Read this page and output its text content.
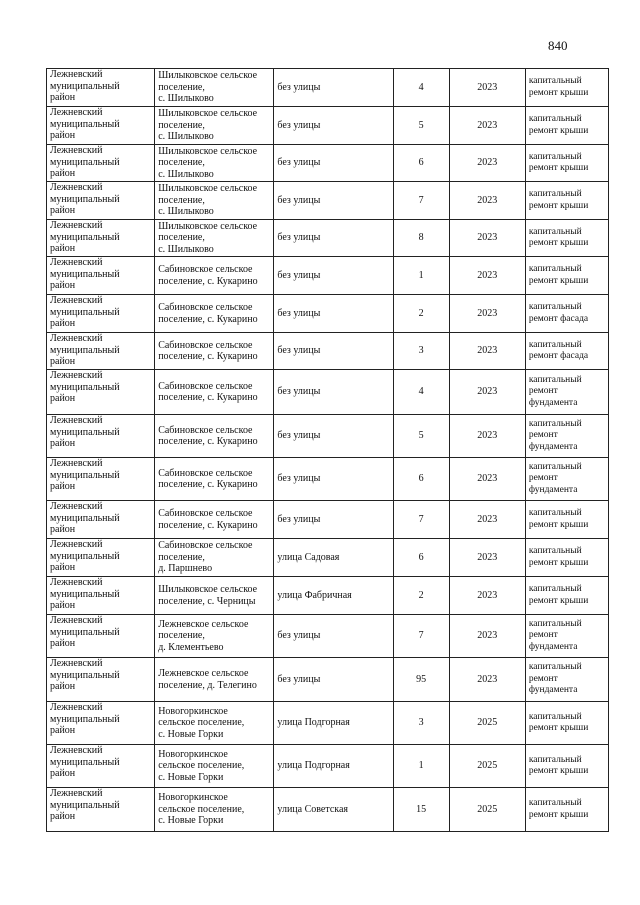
840
Лежневский
муниципальный
район	Шилыковское сельское
поселение,
с. Шилыково	без улицы	4	2023	капитальный
ремонт крыши

Лежневский
муниципальный
район	Шилыковское сельское
поселение,
с. Шилыково	без улицы	5	2023	капитальный
ремонт крыши

Лежневский
муниципальный
район	Шилыковское сельское
поселение,
с. Шилыково	без улицы	6	2023	капитальный
ремонт крыши

Лежневский
муниципальный
район	Шилыковское сельское
поселение,
с. Шилыково	без улицы	7	2023	капитальный
ремонт крыши

Лежневский
муниципальный
район	Шилыковское сельское
поселение,
с. Шилыково	без улицы	8	2023	капитальный
ремонт крыши

Лежневский
муниципальный
район	Сабиновское сельское
поселение, с. Кукарино	без улицы	1	2023	капитальный
ремонт крыши

Лежневский
муниципальный
район	Сабиновское сельское
поселение, с. Кукарино	без улицы	2	2023	капитальный
ремонт фасада

Лежневский
муниципальный
район	Сабиновское сельское
поселение, с. Кукарино	без улицы	3	2023	капитальный
ремонт фасада

Лежневский
муниципальный
район	Сабиновское сельское
поселение, с. Кукарино	без улицы	4	2023	капитальный
ремонт
фундамента

Лежневский
муниципальный
район	Сабиновское сельское
поселение, с. Кукарино	без улицы	5	2023	капитальный
ремонт
фундамента

Лежневский
муниципальный
район	Сабиновское сельское
поселение, с. Кукарино	без улицы	6	2023	капитальный
ремонт
фундамента

Лежневский
муниципальный
район	Сабиновское сельское
поселение, с. Кукарино	без улицы	7	2023	капитальный
ремонт крыши

Лежневский
муниципальный
район	Сабиновское сельское
поселение,
д. Паршнево	улица Садовая	6	2023	капитальный
ремонт крыши

Лежневский
муниципальный
район	Шилыковское сельское
поселение, с. Черницы	улица Фабричная	2	2023	капитальный
ремонт крыши

Лежневский
муниципальный
район	Лежневское сельское
поселение,
д. Клементьево	без улицы	7	2023	капитальный
ремонт
фундамента

Лежневский
муниципальный
район	Лежневское сельское
поселение, д. Телегино	без улицы	95	2023	капитальный
ремонт
фундамента

Лежневский
муниципальный
район	Новогоркинское
сельское поселение,
с. Новые Горки	улица Подгорная	3	2025	капитальный
ремонт крыши

Лежневский
муниципальный
район	Новогоркинское
сельское поселение,
с. Новые Горки	улица Подгорная	1	2025	капитальный
ремонт крыши

Лежневский
муниципальный
район	Новогоркинское
сельское поселение,
с. Новые Горки	улица Советская	15	2025	капитальный
ремонт крыши
